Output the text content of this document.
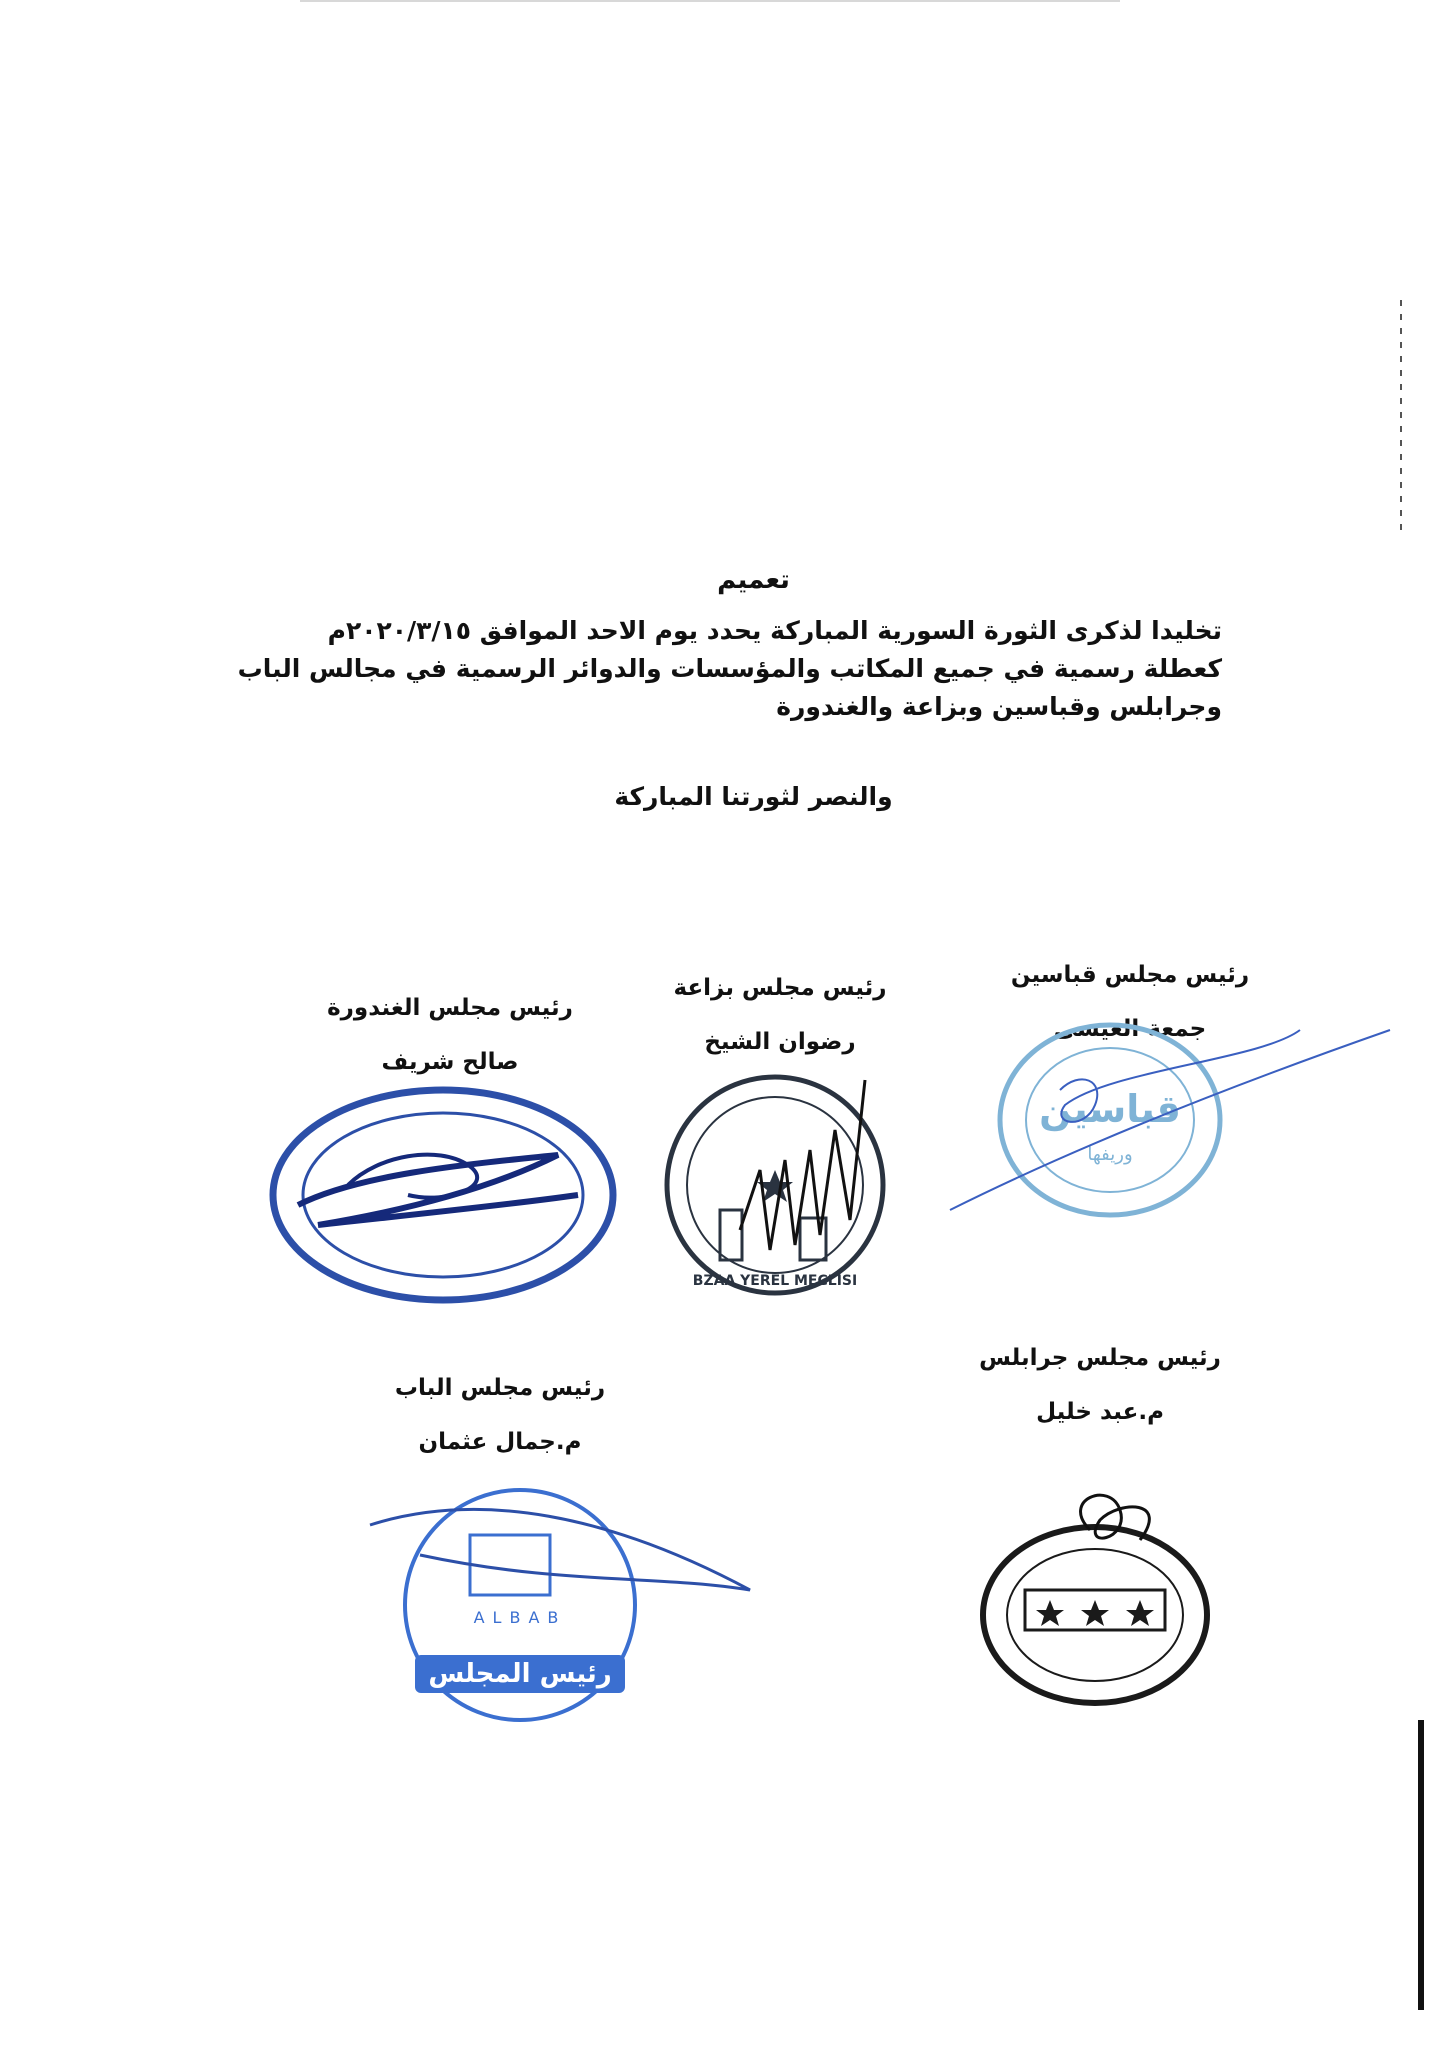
تعميم
تخليدا لذكرى الثورة السورية المباركة يحدد يوم الاحد الموافق ٢٠٢٠/٣/١٥م
كعطلة رسمية في جميع المكاتب والمؤسسات والدوائر الرسمية في مجالس الباب
وجرابلس وقباسين وبزاعة والغندورة
والنصر لثورتنا المباركة
رئيس مجلس قباسين
جمعة العيسى
قباسين
وريفها
رئيس مجلس بزاعة
رضوان الشيخ
BZAA YEREL MECLISI
رئيس مجلس الغندورة
صالح شريف
رئيس مجلس جرابلس
م.عبد خليل
رئيس مجلس الباب
م.جمال عثمان
ALBAB
رئيس المجلس
